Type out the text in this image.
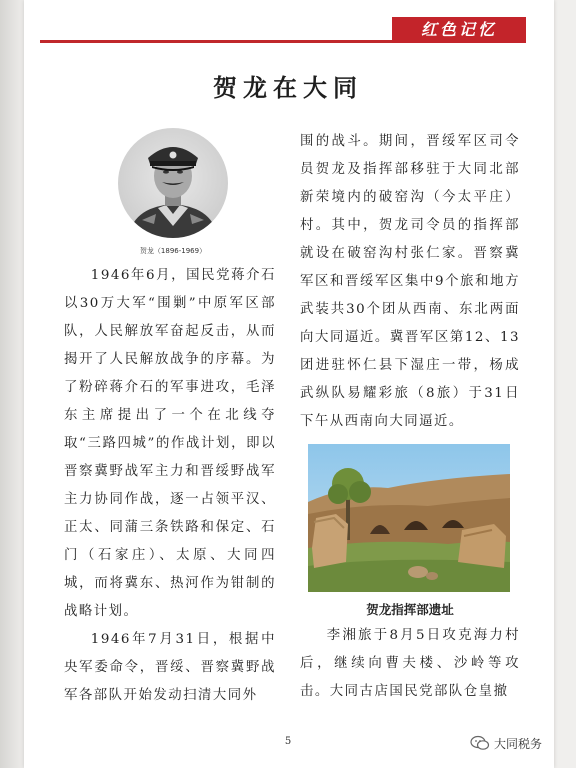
红色记忆
贺龙在大同
贺龙（1896-1969）

1946年6月，国民党蒋介石以30万大军“围剿”中原军区部队，人民解放军奋起反击，从而揭开了人民解放战争的序幕。为了粉碎蒋介石的军事进攻，毛泽东主席提出了一个在北线夺取“三路四城”的作战计划，即以晋察冀野战军主力和晋绥野战军主力协同作战，逐一占领平汉、正太、同蒲三条铁路和保定、石门（石家庄）、太原、大同四城，而将冀东、热河作为钳制的战略计划。

1946年7月31日，根据中央军委命令，晋绥、晋察冀野战军各部队开始发动扫清大同外

围的战斗。期间，晋绥军区司令员贺龙及指挥部移驻于大同北部新荣境内的破窑沟（今太平庄）村。其中，贺龙司令员的指挥部就设在破窑沟村张仁家。晋察冀军区和晋绥军区集中9个旅和地方武装共30个团从西南、东北两面向大同逼近。冀晋军区第12、13团进驻怀仁县下湿庄一带，杨成武纵队易耀彩旅（8旅）于31日下午从西南向大同逼近。

贺龙指挥部遗址

李湘旅于8月5日攻克海力村后，继续向曹夫楼、沙岭等攻击。大同古店国民党部队仓皇撤

5	大同税务
